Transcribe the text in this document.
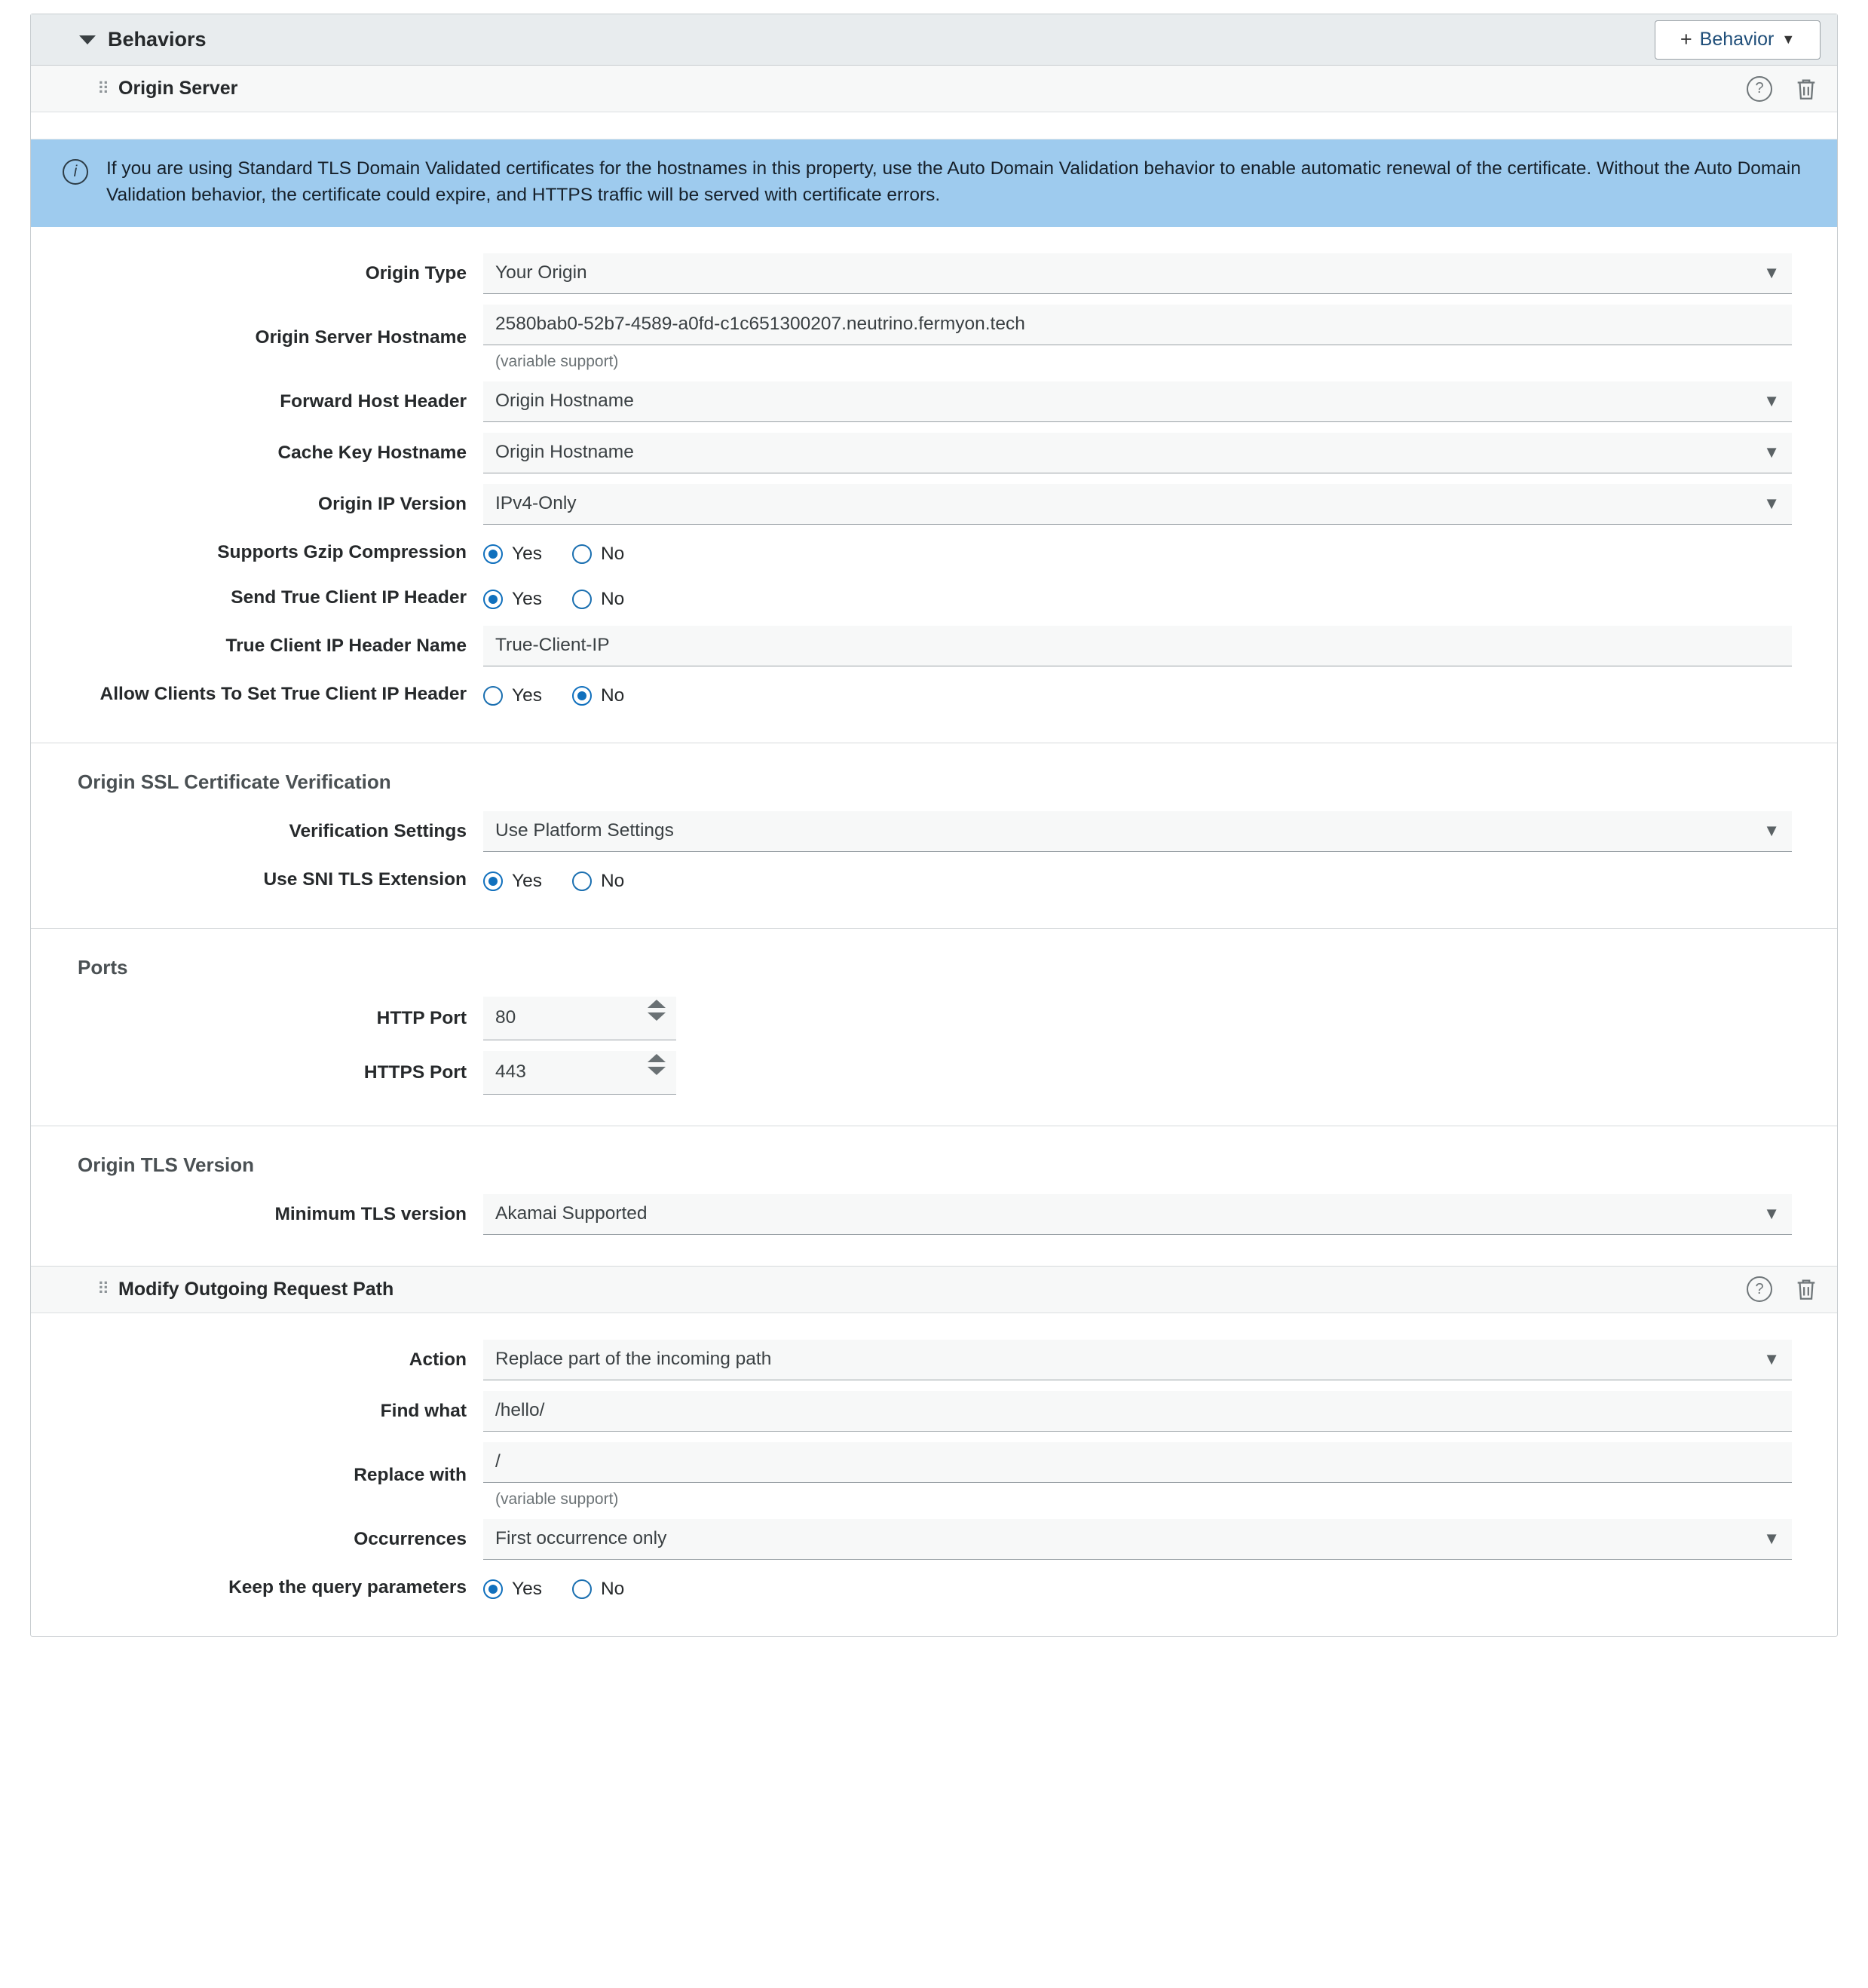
Behaviors	+ Behavior ▼
⠿ Origin Server	?
i	If you are using Standard TLS Domain Validated certificates for the hostnames in this property, use the Auto Domain Validation behavior to enable automatic renewal of the certificate. Without the Auto Domain Validation behavior, the certificate could expire, and HTTPS traffic will be served with certificate errors.
Origin Type	Your Origin	▼
Origin Server Hostname
2580bab0-52b7-4589-a0fd-c1c651300207.neutrino.fermyon.tech
(variable support)
Forward Host Header	Origin Hostname	▼
Cache Key Hostname	Origin Hostname	▼
Origin IP Version	IPv4-Only	▼
Supports Gzip Compression	Yes	No
Send True Client IP Header	Yes	No
True Client IP Header Name	True-Client-IP
Allow Clients To Set True Client IP Header	Yes	No
Origin SSL Certificate Verification
Verification Settings	Use Platform Settings	▼
Use SNI TLS Extension	Yes	No
Ports
HTTP Port	80
HTTPS Port	443
Origin TLS Version
Minimum TLS version	Akamai Supported	▼
⠿ Modify Outgoing Request Path	?
Action	Replace part of the incoming path	▼
Find what	/hello/
Replace with
/
(variable support)
Occurrences	First occurrence only	▼
Keep the query parameters	Yes	No
